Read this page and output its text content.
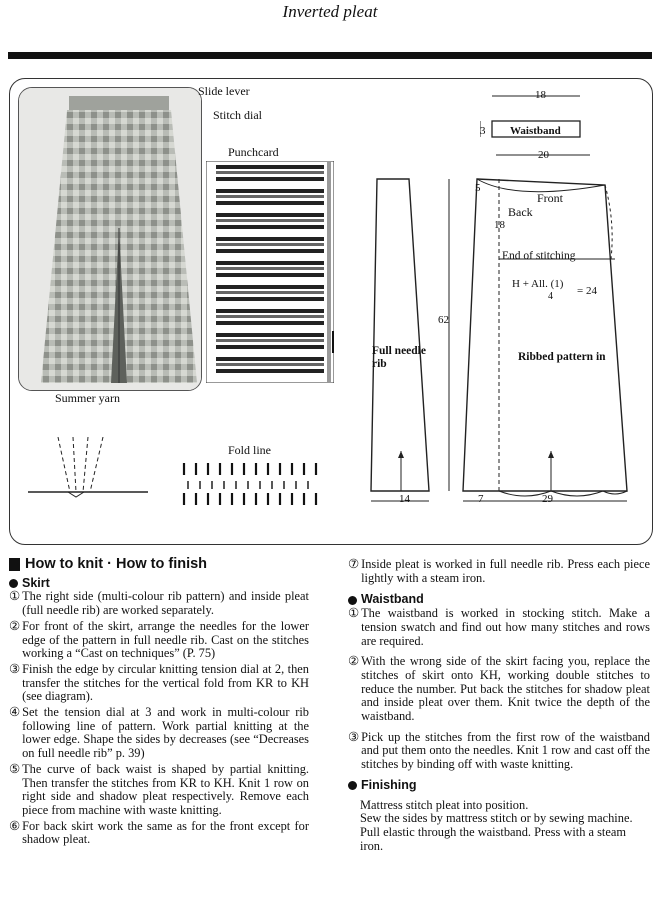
Inverted pleat
Slide lever
Stitch dial
Punchcard
Summer yarn
Fold line
18
3 Waistband
20
5
Front
Back
18
End of stitching
H + All. (1)
4 = 24
62
Full needle rib
Ribbed pattern in
14	7	29
How to knit · How to finish
Skirt
① The right side (multi-colour rib pattern) and inside pleat (full needle rib) are worked separately.
② For front of the skirt, arrange the needles for the lower edge of the pattern in full needle rib. Cast on the stitches working a “Cast on techniques” (P. 75)
③ Finish the edge by circular knitting tension dial at 2, then transfer the stitches for the vertical fold from KR to KH (see diagram).
④ Set the tension dial at 3 and work in multi-colour rib following line of pattern. Work partial knitting at the lower edge. Shape the sides by decreases (see “Decreases on full needle rib” p. 39)
⑤ The curve of back waist is shaped by partial knitting. Then transfer the stitches from KR to KH. Knit 1 row on right side and shadow pleat respectively. Remove each piece from machine with waste knitting.
⑥ For back skirt work the same as for the front except for shadow pleat.
⑦ Inside pleat is worked in full needle rib. Press each piece lightly with a steam iron.
Waistband
① The waistband is worked in stocking stitch. Make a tension swatch and find out how many stitches and rows are required.
② With the wrong side of the skirt facing you, replace the stitches of skirt onto KH, working double stitches to reduce the number. Put back the stitches for shadow pleat and inside pleat over them. Knit twice the depth of the waistband.
③ Pick up the stitches from the first row of the waistband and put them onto the needles. Knit 1 row and cast off the stitches by binding off with waste knitting.
Finishing
Mattress stitch pleat into position.
Sew the sides by mattress stitch or by sewing machine. Pull elastic through the waistband. Press with a steam iron.
